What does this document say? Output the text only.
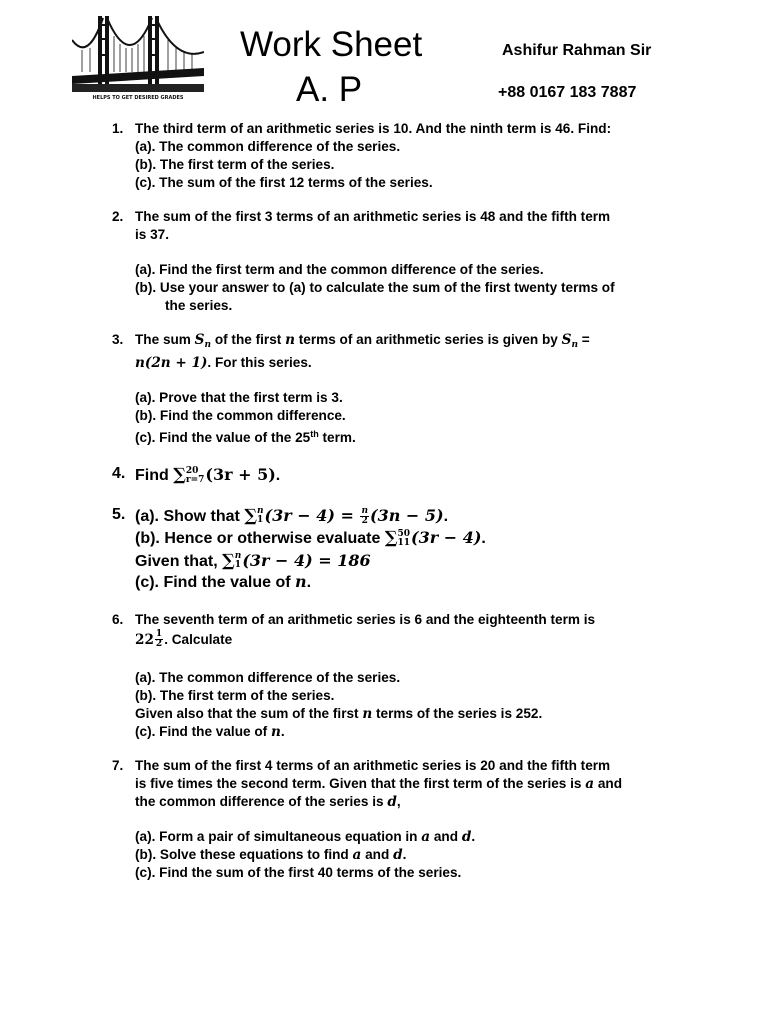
HELPS TO GET DESIRED GRADES
Work Sheet
A. P
Ashifur Rahman Sir
+88 0167 183 7887
1. The third term of an arithmetic series is 10. And the ninth term is 46. Find:
(a). The common difference of the series.
(b). The first term of the series.
(c). The sum of the first 12 terms of the series.
2. The sum of the first 3 terms of an arithmetic series is 48 and the fifth term
is 37.
(a). Find the first term and the common difference of the series.
(b). Use your answer to (a) to calculate the sum of the first twenty terms of
the series.
3. The sum $S_n$ of the first n terms of an arithmetic series is given by $S_n$ =
n(2n + 1). For this series.
(a). Prove that the first term is 3.
(b). Find the common difference.
(c). Find the value of the 25th term.
4. Find ∑ 20
r=7 (3r + 5).
5. (a). Show that ∑ n
1 $(3r - 4) = \frac{n}{2} (3n - 5)$.
(b). Hence or otherwise evaluate ∑ 50
11 (3r − 4).
Given that, ∑ n
1 (3r − 4) = 186
(c). Find the value of n.
6. The seventh term of an arithmetic series is 6 and the eighteenth term is
$22 \frac{1}{2}$ . Calculate
(a). The common difference of the series.
(b). The first term of the series.
Given also that the sum of the first n terms of the series is 252.
(c). Find the value of n.
7. The sum of the first 4 terms of an arithmetic series is 20 and the fifth term
is five times the second term. Given that the first term of the series is a and
the common difference of the series is d,
(a). Form a pair of simultaneous equation in a and d.
(b). Solve these equations to find a and d.
(c). Find the sum of the first 40 terms of the series.
